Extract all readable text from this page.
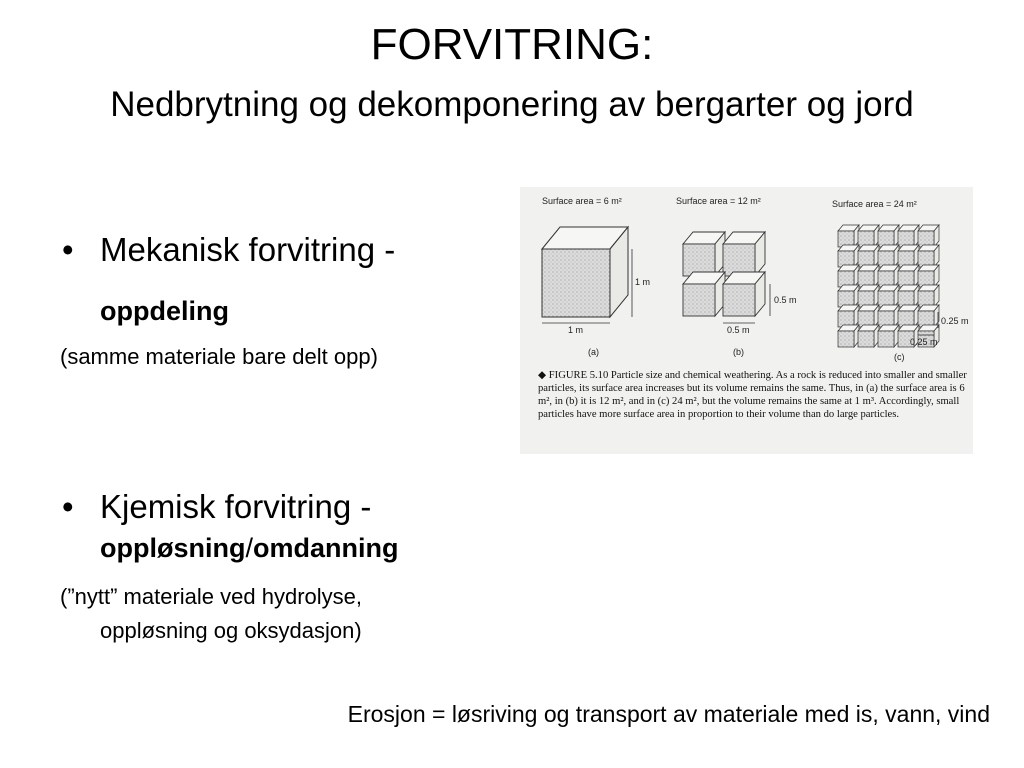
FORVITRING:
Nedbrytning og dekomponering av bergarter og jord
• Mekanisk forvitring -
oppdeling
(samme materiale bare delt opp)
• Kjemisk forvitring -
oppløsning/omdanning
(”nytt” materiale ved hydrolyse,
oppløsning og oksydasjon)
Surface area = 6 m²
1 m
1 m
(a)
Surface area = 12 m²
0.5 m
0.5 m
(b)
Surface area = 24 m²
0.25 m
0.25 m
(c)
◆ FIGURE 5.10 Particle size and chemical weathering. As a rock is reduced into smaller and smaller particles, its surface area increases but its volume remains the same. Thus, in (a) the surface area is 6 m², in (b) it is 12 m², and in (c) 24 m², but the volume remains the same at 1 m³. Accordingly, small particles have more surface area in proportion to their volume than do large particles.
Erosjon = løsriving og transport av materiale med is, vann, vind
